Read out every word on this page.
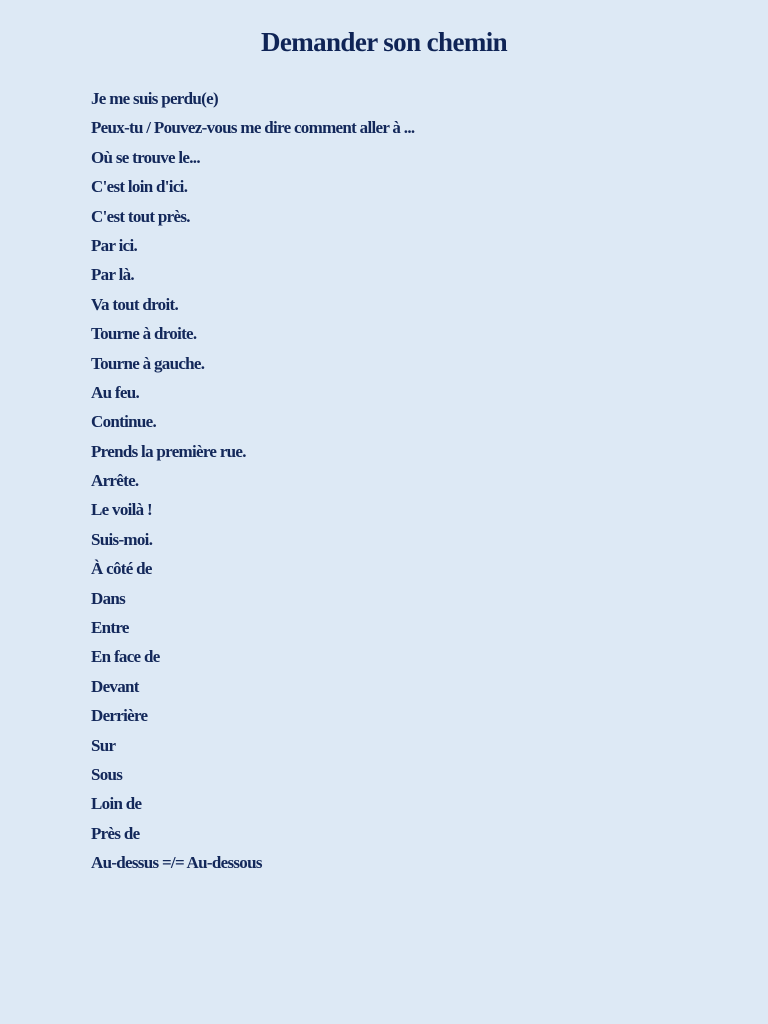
Demander son chemin
Je me suis perdu(e)
Peux-tu / Pouvez-vous me dire comment aller à ...
Où se trouve le...
C'est loin d'ici.
C'est tout près.
Par ici.
Par là.
Va tout droit.
Tourne à droite.
Tourne à gauche.
Au feu.
Continue.
Prends la première rue.
Arrête.
Le voilà !
Suis-moi.
À côté de
Dans
Entre
En face de
Devant
Derrière
Sur
Sous
Loin de
Près de
Au-dessus =/= Au-dessous
